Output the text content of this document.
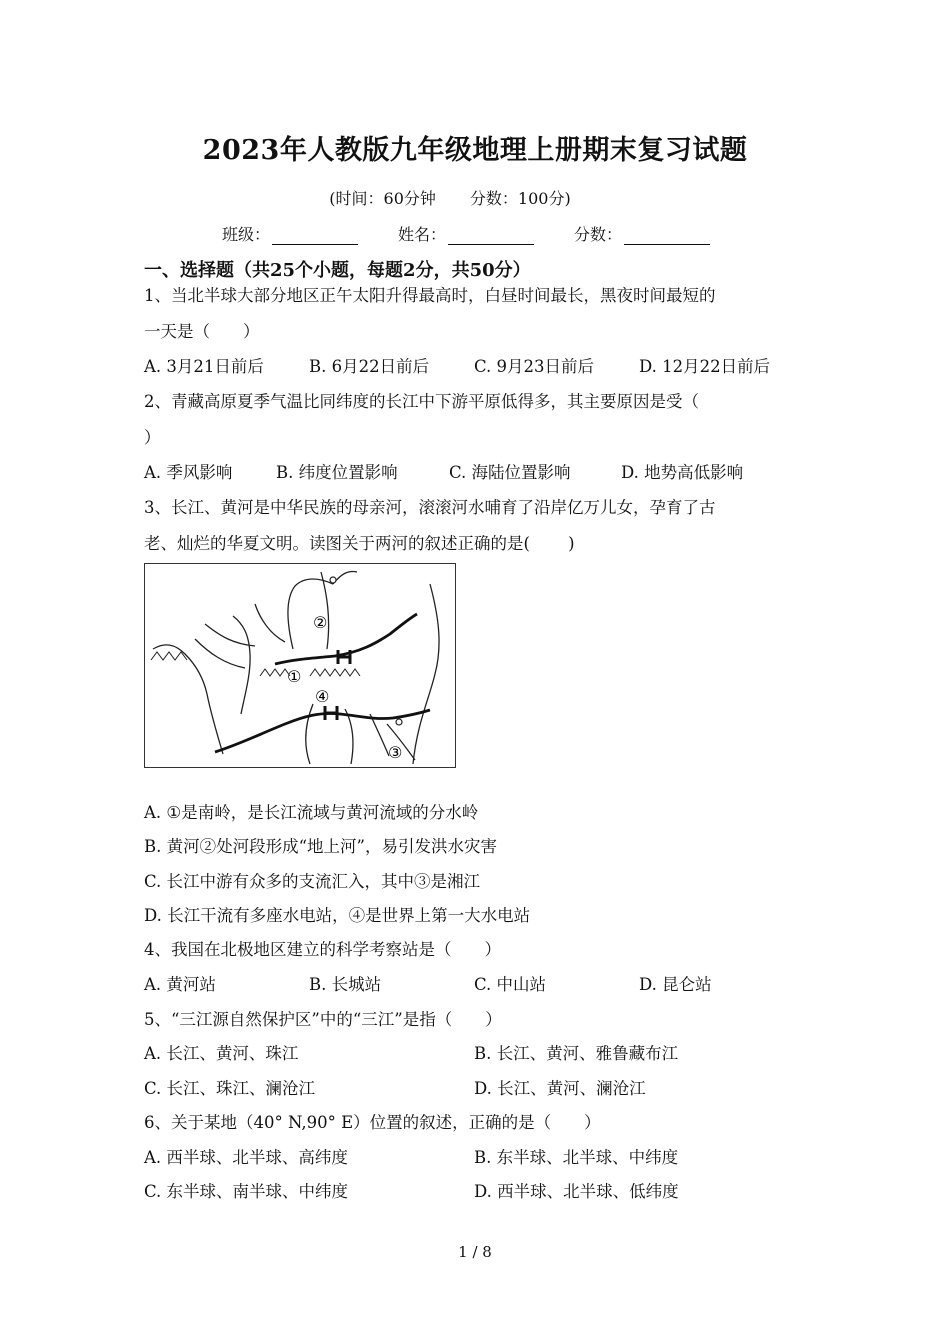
2023年人教版九年级地理上册期末复习试题
(时间：60分钟 分数：100分)
班级：	姓名：	分数：
一、选择题（共25个小题，每题2分，共50分）
1、当北半球大部分地区正午太阳升得最高时，白昼时间最长，黑夜时间最短的
一天是（　　）
A. 3月21日前后	B. 6月22日前后	C. 9月23日前后	D. 12月22日前后
2、青藏高原夏季气温比同纬度的长江中下游平原低得多，其主要原因是受（
）
A. 季风影响	B. 纬度位置影响	C. 海陆位置影响	D. 地势高低影响
3、长江、黄河是中华民族的母亲河，滚滚河水哺育了沿岸亿万儿女，孕育了古
老、灿烂的华夏文明。读图关于两河的叙述正确的是(　　 )
②
①
④
③
A. ①是南岭，是长江流域与黄河流域的分水岭
B. 黄河②处河段形成“地上河”，易引发洪水灾害
C. 长江中游有众多的支流汇入，其中③是湘江
D. 长江干流有多座水电站，④是世界上第一大水电站
4、我国在北极地区建立的科学考察站是（　　）
A. 黄河站	B. 长城站	C. 中山站	D. 昆仑站
5、“三江源自然保护区”中的“三江”是指（　　）
A. 长江、黄河、珠江	B. 长江、黄河、雅鲁藏布江
C. 长江、珠江、澜沧江	D. 长江、黄河、澜沧江
6、关于某地（40° N,90° E）位置的叙述，正确的是（　　）
A. 西半球、北半球、高纬度	B. 东半球、北半球、中纬度
C. 东半球、南半球、中纬度	D. 西半球、北半球、低纬度
1 / 8
